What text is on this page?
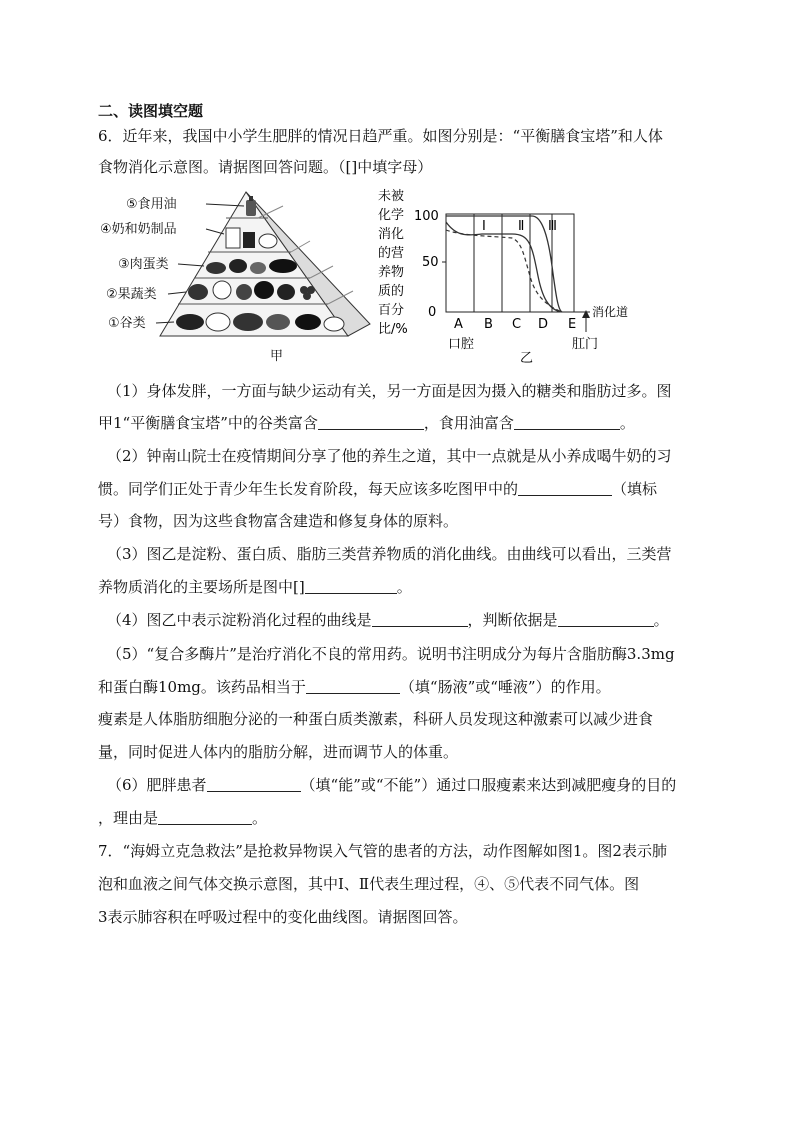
二、读图填空题
6．近年来，我国中小学生肥胖的情况日趋严重。如图分别是：“平衡膳食宝塔”和人体
食物消化示意图。请据图回答问题。（[]中填字母）
⑤食用油
④奶和奶制品
③肉蛋类
②果蔬类
①谷类
甲
未被
化学
消化
的营
养物
质的
百分
比/%
100
50
0
Ⅰ Ⅱ Ⅲ
A B C D E
消化道
口腔	肛门
乙
（1）身体发胖，一方面与缺少运动有关，另一方面是因为摄入的糖类和脂肪过多。图
甲1“平衡膳食宝塔”中的谷类富含	，食用油富含	。
（2）钟南山院士在疫情期间分享了他的养生之道，其中一点就是从小养成喝牛奶的习
惯。同学们正处于青少年生长发育阶段，每天应该多吃图甲中的	（填标
号）食物，因为这些食物富含建造和修复身体的原料。
（3）图乙是淀粉、蛋白质、脂肪三类营养物质的消化曲线。由曲线可以看出，三类营
养物质消化的主要场所是图中[]	。
（4）图乙中表示淀粉消化过程的曲线是	，判断依据是	。
（5）“复合多酶片”是治疗消化不良的常用药。说明书注明成分为每片含脂肪酶3.3mg
和蛋白酶10mg。该药品相当于	（填“肠液”或“唾液”）的作用。
瘦素是人体脂肪细胞分泌的一种蛋白质类激素，科研人员发现这种激素可以减少进食
量，同时促进人体内的脂肪分解，进而调节人的体重。
（6）肥胖患者	（填“能”或“不能”）通过口服瘦素来达到减肥瘦身的目的
，理由是	。
7．“海姆立克急救法”是抢救异物误入气管的患者的方法，动作图解如图1。图2表示肺
泡和血液之间气体交换示意图，其中Ⅰ、Ⅱ代表生理过程，④、⑤代表不同气体。图
3表示肺容积在呼吸过程中的变化曲线图。请据图回答。
